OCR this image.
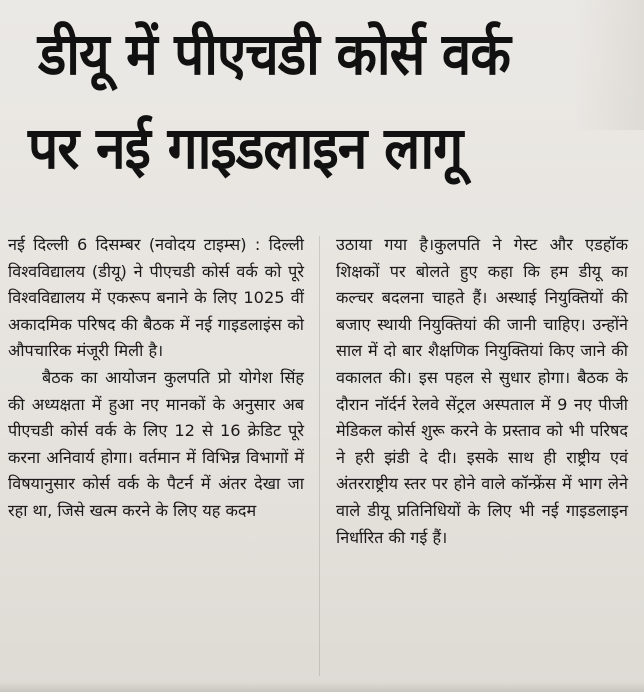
डीयू में पीएचडी कोर्स वर्क
पर नई गाइडलाइन लागू

नई दिल्ली 6 दिसम्बर (नवोदय टाइम्स) : दिल्ली विश्वविद्यालय (डीयू) ने पीएचडी कोर्स वर्क को पूरे विश्वविद्यालय में एकरूप बनाने के लिए 1025 वीं अकादमिक परिषद की बैठक में नई गाइडलाइंस को औपचारिक मंजूरी मिली है।

बैठक का आयोजन कुलपति प्रो योगेश सिंह की अध्यक्षता में हुआ नए मानकों के अनुसार अब पीएचडी कोर्स वर्क के लिए 12 से 16 क्रेडिट पूरे करना अनिवार्य होगा। वर्तमान में विभिन्न विभागों में विषयानुसार कोर्स वर्क के पैटर्न में अंतर देखा जा रहा था, जिसे खत्म करने के लिए यह कदम

उठाया गया है।कुलपति ने गेस्ट और एडहॉक शिक्षकों पर बोलते हुए कहा कि हम डीयू का कल्चर बदलना चाहते हैं। अस्थाई नियुक्तियों की बजाए स्थायी नियुक्तियां की जानी चाहिए। उन्होंने साल में दो बार शैक्षणिक नियुक्तियां किए जाने की वकालत की। इस पहल से सुधार होगा। बैठक के दौरान नॉर्दर्न रेलवे सेंट्रल अस्पताल में 9 नए पीजी मेडिकल कोर्स शुरू करने के प्रस्ताव को भी परिषद ने हरी झंडी दे दी। इसके साथ ही राष्ट्रीय एवं अंतरराष्ट्रीय स्तर पर होने वाले कॉन्फ्रेंस में भाग लेने वाले डीयू प्रतिनिधियों के लिए भी नई गाइडलाइन निर्धारित की गई हैं।
